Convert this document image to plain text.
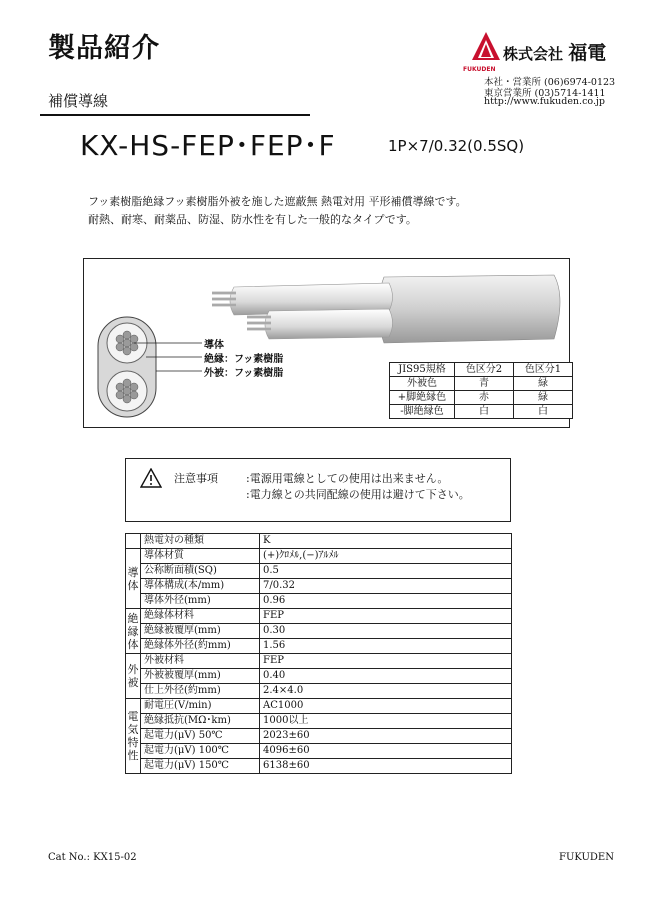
製品紹介
補償導線
FUKUDEN
株式会社 福電
本社・営業所 (06)6974-0123
東京営業所 (03)5714-1411
http://www.fukuden.co.jp
KX-HS-FEP･FEP･F	1P×7/0.32(0.5SQ)
フッ素樹脂絶縁フッ素樹脂外被を施した遮蔽無 熱電対用 平形補償導線です。
耐熱、耐寒、耐薬品、防湿、防水性を有した一般的なタイプです。
導体
絶縁：フッ素樹脂
外被：フッ素樹脂	JIS95規格	色区分2	色区分1
外被色	青	緑
+脚絶縁色	赤	緑
-脚絶縁色	白	白
注意事項	:電源用電線としての使用は出来ません。
:電力線との共同配線の使用は避けて下さい。
	熱電対の種類	K
導体	導体材質	(+)ｸﾛﾒﾙ,(−)ｱﾙﾒﾙ
	公称断面積(SQ)	0.5
	導体構成(本/mm)	7/0.32
	導体外径(mm)	0.96
絶縁体	絶縁体材料	FEP
	絶縁被覆厚(mm)	0.30
	絶縁体外径(約mm)	1.56
外被	外被材料	FEP
	外被被覆厚(mm)	0.40
	仕上外径(約mm)	2.4×4.0
電気特性	耐電圧(V/min)	AC1000
	絶縁抵抗(MΩ･km)	1000以上
	起電力(μV) 50℃	2023±60
	起電力(μV) 100℃	4096±60
	起電力(μV) 150℃	6138±60
Cat No.: KX15-02	FUKUDEN
